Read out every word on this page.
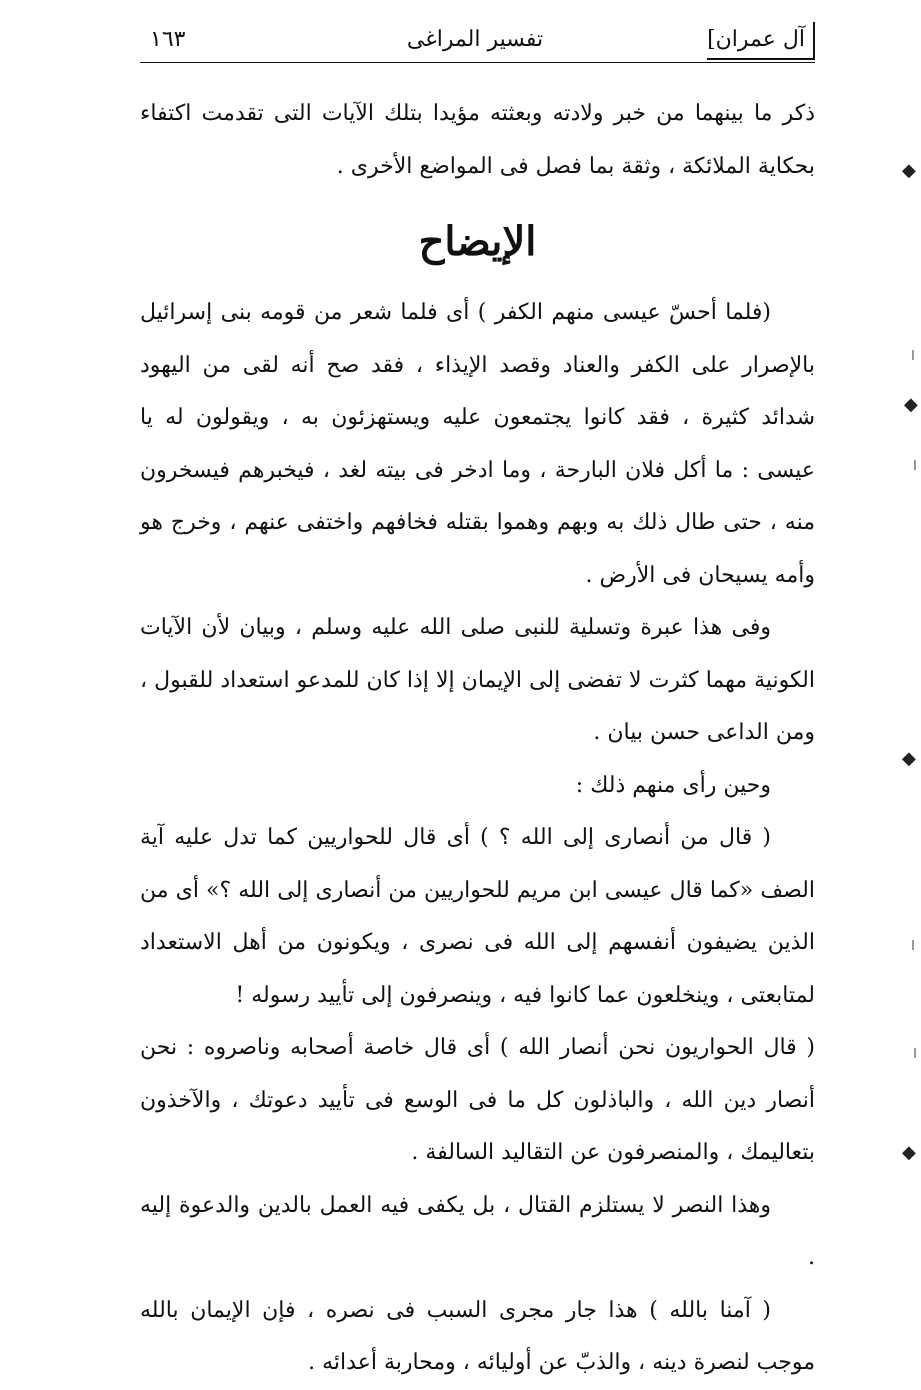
آل عمران]
تفسير المراغى
١٦٣

ذكر ما بينهما من خبر ولادته وبعثته مؤيدا بتلك الآيات التى تقدمت اكتفاء بحكاية الملائكة ، وثقة بما فصل فى المواضع الأخرى .

الإيضاح

(فلما أحسّ عيسى منهم الكفر ) أى فلما شعر من قومه بنى إسرائيل بالإصرار على الكفر والعناد وقصد الإيذاء ، فقد صح أنه لقى من اليهود شدائد كثيرة ، فقد كانوا يجتمعون عليه ويستهزئون به ، ويقولون له يا عيسى : ما أكل فلان البارحة ، وما ادخر فى بيته لغد ، فيخبرهم فيسخرون منه ، حتى طال ذلك به وبهم وهموا بقتله فخافهم واختفى عنهم ، وخرج هو وأمه يسيحان فى الأرض .

وفى هذا عبرة وتسلية للنبى صلى الله عليه وسلم ، وبيان لأن الآيات الكونية مهما كثرت لا تفضى إلى الإيمان إلا إذا كان للمدعو استعداد للقبول ، ومن الداعى حسن بيان .

وحين رأى منهم ذلك :

( قال من أنصارى إلى الله ؟ ) أى قال للحواريين كما تدل عليه آية الصف «كما قال عيسى ابن مريم للحواريين من أنصارى إلى الله ؟» أى من الذين يضيفون أنفسهم إلى الله فى نصرى ، ويكونون من أهل الاستعداد لمتابعتى ، وينخلعون عما كانوا فيه ، وينصرفون إلى تأييد رسوله !

( قال الحواريون نحن أنصار الله ) أى قال خاصة أصحابه وناصروه : نحن أنصار دين الله ، والباذلون كل ما فى الوسع فى تأييد دعوتك ، والآخذون بتعاليمك ، والمنصرفون عن التقاليد السالفة .

وهذا النصر لا يستلزم القتال ، بل يكفى فيه العمل بالدين والدعوة إليه .

( آمنا بالله ) هذا جار مجرى السبب فى نصره ، فإن الإيمان بالله موجب لنصرة دينه ، والذبّ عن أوليائه ، ومحاربة أعدائه .

◆
◆
◆
◆
